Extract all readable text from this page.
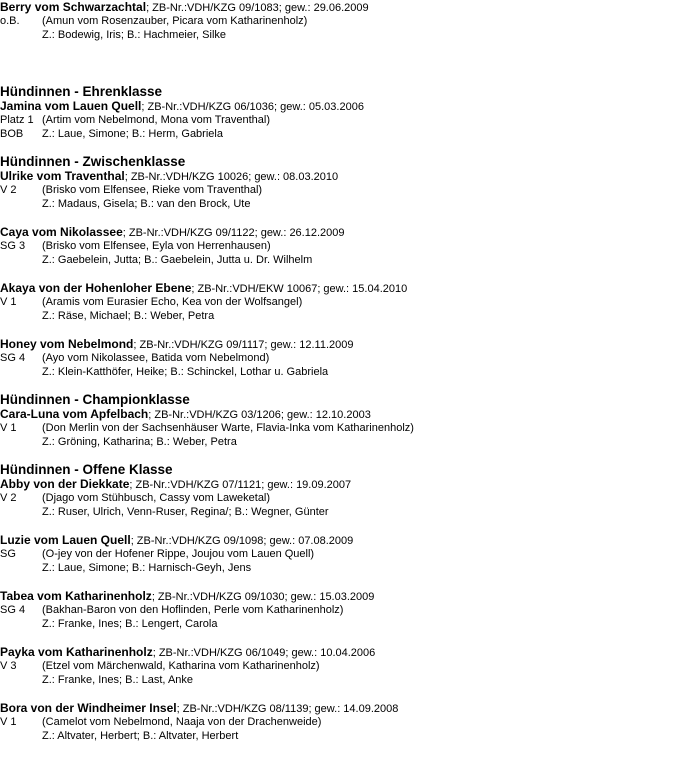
Berry vom Schwarzachtal; ZB-Nr.:VDH/KZG 09/1083; gew.: 29.06.2009
o.B. (Amun vom Rosenzauber, Picara vom Katharinenholz)
Z.: Bodewig, Iris; B.: Hachmeier, Silke
Hündinnen - Ehrenklasse
Jamina vom Lauen Quell; ZB-Nr.:VDH/KZG 06/1036; gew.: 05.03.2006
Platz 1 (Artim vom Nebelmond, Mona vom Traventhal)
BOB Z.: Laue, Simone; B.: Herm, Gabriela
Hündinnen - Zwischenklasse
Ulrike vom Traventhal; ZB-Nr.:VDH/KZG 10026; gew.: 08.03.2010
V 2 (Brisko vom Elfensee, Rieke vom Traventhal)
Z.: Madaus, Gisela; B.: van den Brock, Ute
Caya vom Nikolassee; ZB-Nr.:VDH/KZG 09/1122; gew.: 26.12.2009
SG 3 (Brisko vom Elfensee, Eyla von Herrenhausen)
Z.: Gaebelein, Jutta; B.: Gaebelein, Jutta u. Dr. Wilhelm
Akaya von der Hohenloher Ebene; ZB-Nr.:VDH/EKW 10067; gew.: 15.04.2010
V 1 (Aramis vom Eurasier Echo, Kea von der Wolfsangel)
Z.: Räse, Michael; B.: Weber, Petra
Honey vom Nebelmond; ZB-Nr.:VDH/KZG 09/1117; gew.: 12.11.2009
SG 4 (Ayo vom Nikolassee, Batida vom Nebelmond)
Z.: Klein-Katthöfer, Heike; B.: Schinckel, Lothar u. Gabriela
Hündinnen - Championklasse
Cara-Luna vom Apfelbach; ZB-Nr.:VDH/KZG 03/1206; gew.: 12.10.2003
V 1 (Don Merlin von der Sachsenhäuser Warte, Flavia-Inka vom Katharinenholz)
Z.: Gröning, Katharina; B.: Weber, Petra
Hündinnen - Offene Klasse
Abby von der Diekkate; ZB-Nr.:VDH/KZG 07/1121; gew.: 19.09.2007
V 2 (Djago vom Stühbusch, Cassy vom Laweketal)
Z.: Ruser, Ulrich, Venn-Ruser, Regina/; B.: Wegner, Günter
Luzie vom Lauen Quell; ZB-Nr.:VDH/KZG 09/1098; gew.: 07.08.2009
SG (O-jey von der Hofener Rippe, Joujou vom Lauen Quell)
Z.: Laue, Simone; B.: Harnisch-Geyh, Jens
Tabea vom Katharinenholz; ZB-Nr.:VDH/KZG 09/1030; gew.: 15.03.2009
SG 4 (Bakhan-Baron von den Hoflinden, Perle vom Katharinenholz)
Z.: Franke, Ines; B.: Lengert, Carola
Payka vom Katharinenholz; ZB-Nr.:VDH/KZG 06/1049; gew.: 10.04.2006
V 3 (Etzel vom Märchenwald, Katharina vom Katharinenholz)
Z.: Franke, Ines; B.: Last, Anke
Bora von der Windheimer Insel; ZB-Nr.:VDH/KZG 08/1139; gew.: 14.09.2008
V 1 (Camelot vom Nebelmond, Naaja von der Drachenweide)
Z.: Altvater, Herbert; B.: Altvater, Herbert
